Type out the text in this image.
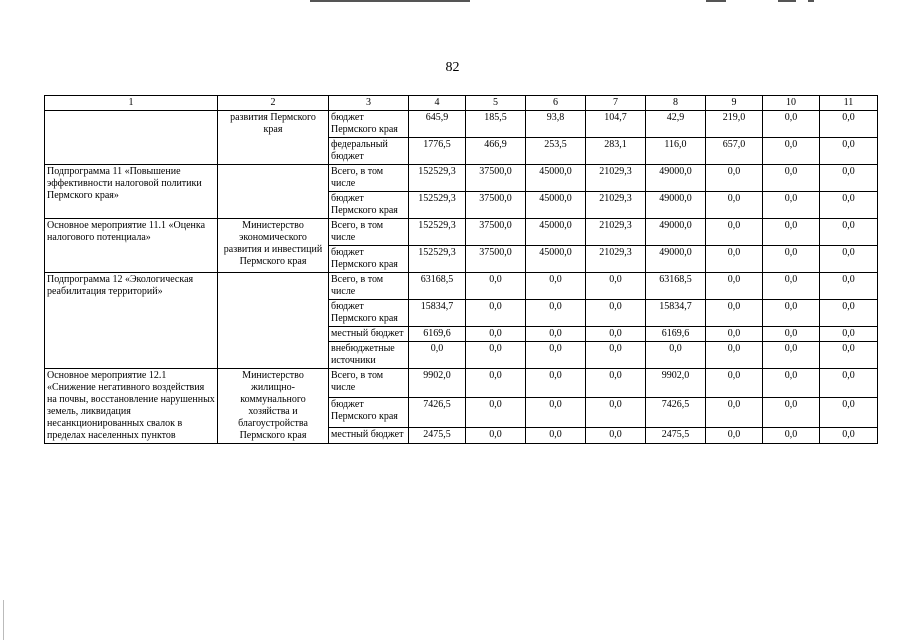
82
1	2	3	4	5	6	7	8	9	10	11
	развития Пермского края	бюджет Пермского края	645,9	185,5	93,8	104,7	42,9	219,0	0,0	0,0
		федеральный бюджет	1776,5	466,9	253,5	283,1	116,0	657,0	0,0	0,0
Подпрограмма 11 «Повышение эффективности налоговой политики Пермского края»		Всего, в том числе	152529,3	37500,0	45000,0	21029,3	49000,0	0,0	0,0	0,0
		бюджет Пермского края	152529,3	37500,0	45000,0	21029,3	49000,0	0,0	0,0	0,0
Основное мероприятие 11.1 «Оценка налогового потенциала»	Министерство экономического развития и инвестиций Пермского края	Всего, в том числе	152529,3	37500,0	45000,0	21029,3	49000,0	0,0	0,0	0,0
		бюджет Пермского края	152529,3	37500,0	45000,0	21029,3	49000,0	0,0	0,0	0,0
Подпрограмма 12 «Экологическая реабилитация территорий»		Всего, в том числе	63168,5	0,0	0,0	0,0	63168,5	0,0	0,0	0,0
		бюджет Пермского края	15834,7	0,0	0,0	0,0	15834,7	0,0	0,0	0,0
		местный бюджет	6169,6	0,0	0,0	0,0	6169,6	0,0	0,0	0,0
		внебюджетные источники	0,0	0,0	0,0	0,0	0,0	0,0	0,0	0,0
Основное мероприятие 12.1 «Снижение негативного воздействия на почвы, восстановление нарушенных земель, ликвидация несанкционированных свалок в пределах населенных пунктов	Министерство жилищно-коммунального хозяйства и благоустройства Пермского края	Всего, в том числе	9902,0	0,0	0,0	0,0	9902,0	0,0	0,0	0,0
		бюджет Пермского края	7426,5	0,0	0,0	0,0	7426,5	0,0	0,0	0,0
		местный бюджет	2475,5	0,0	0,0	0,0	2475,5	0,0	0,0	0,0
